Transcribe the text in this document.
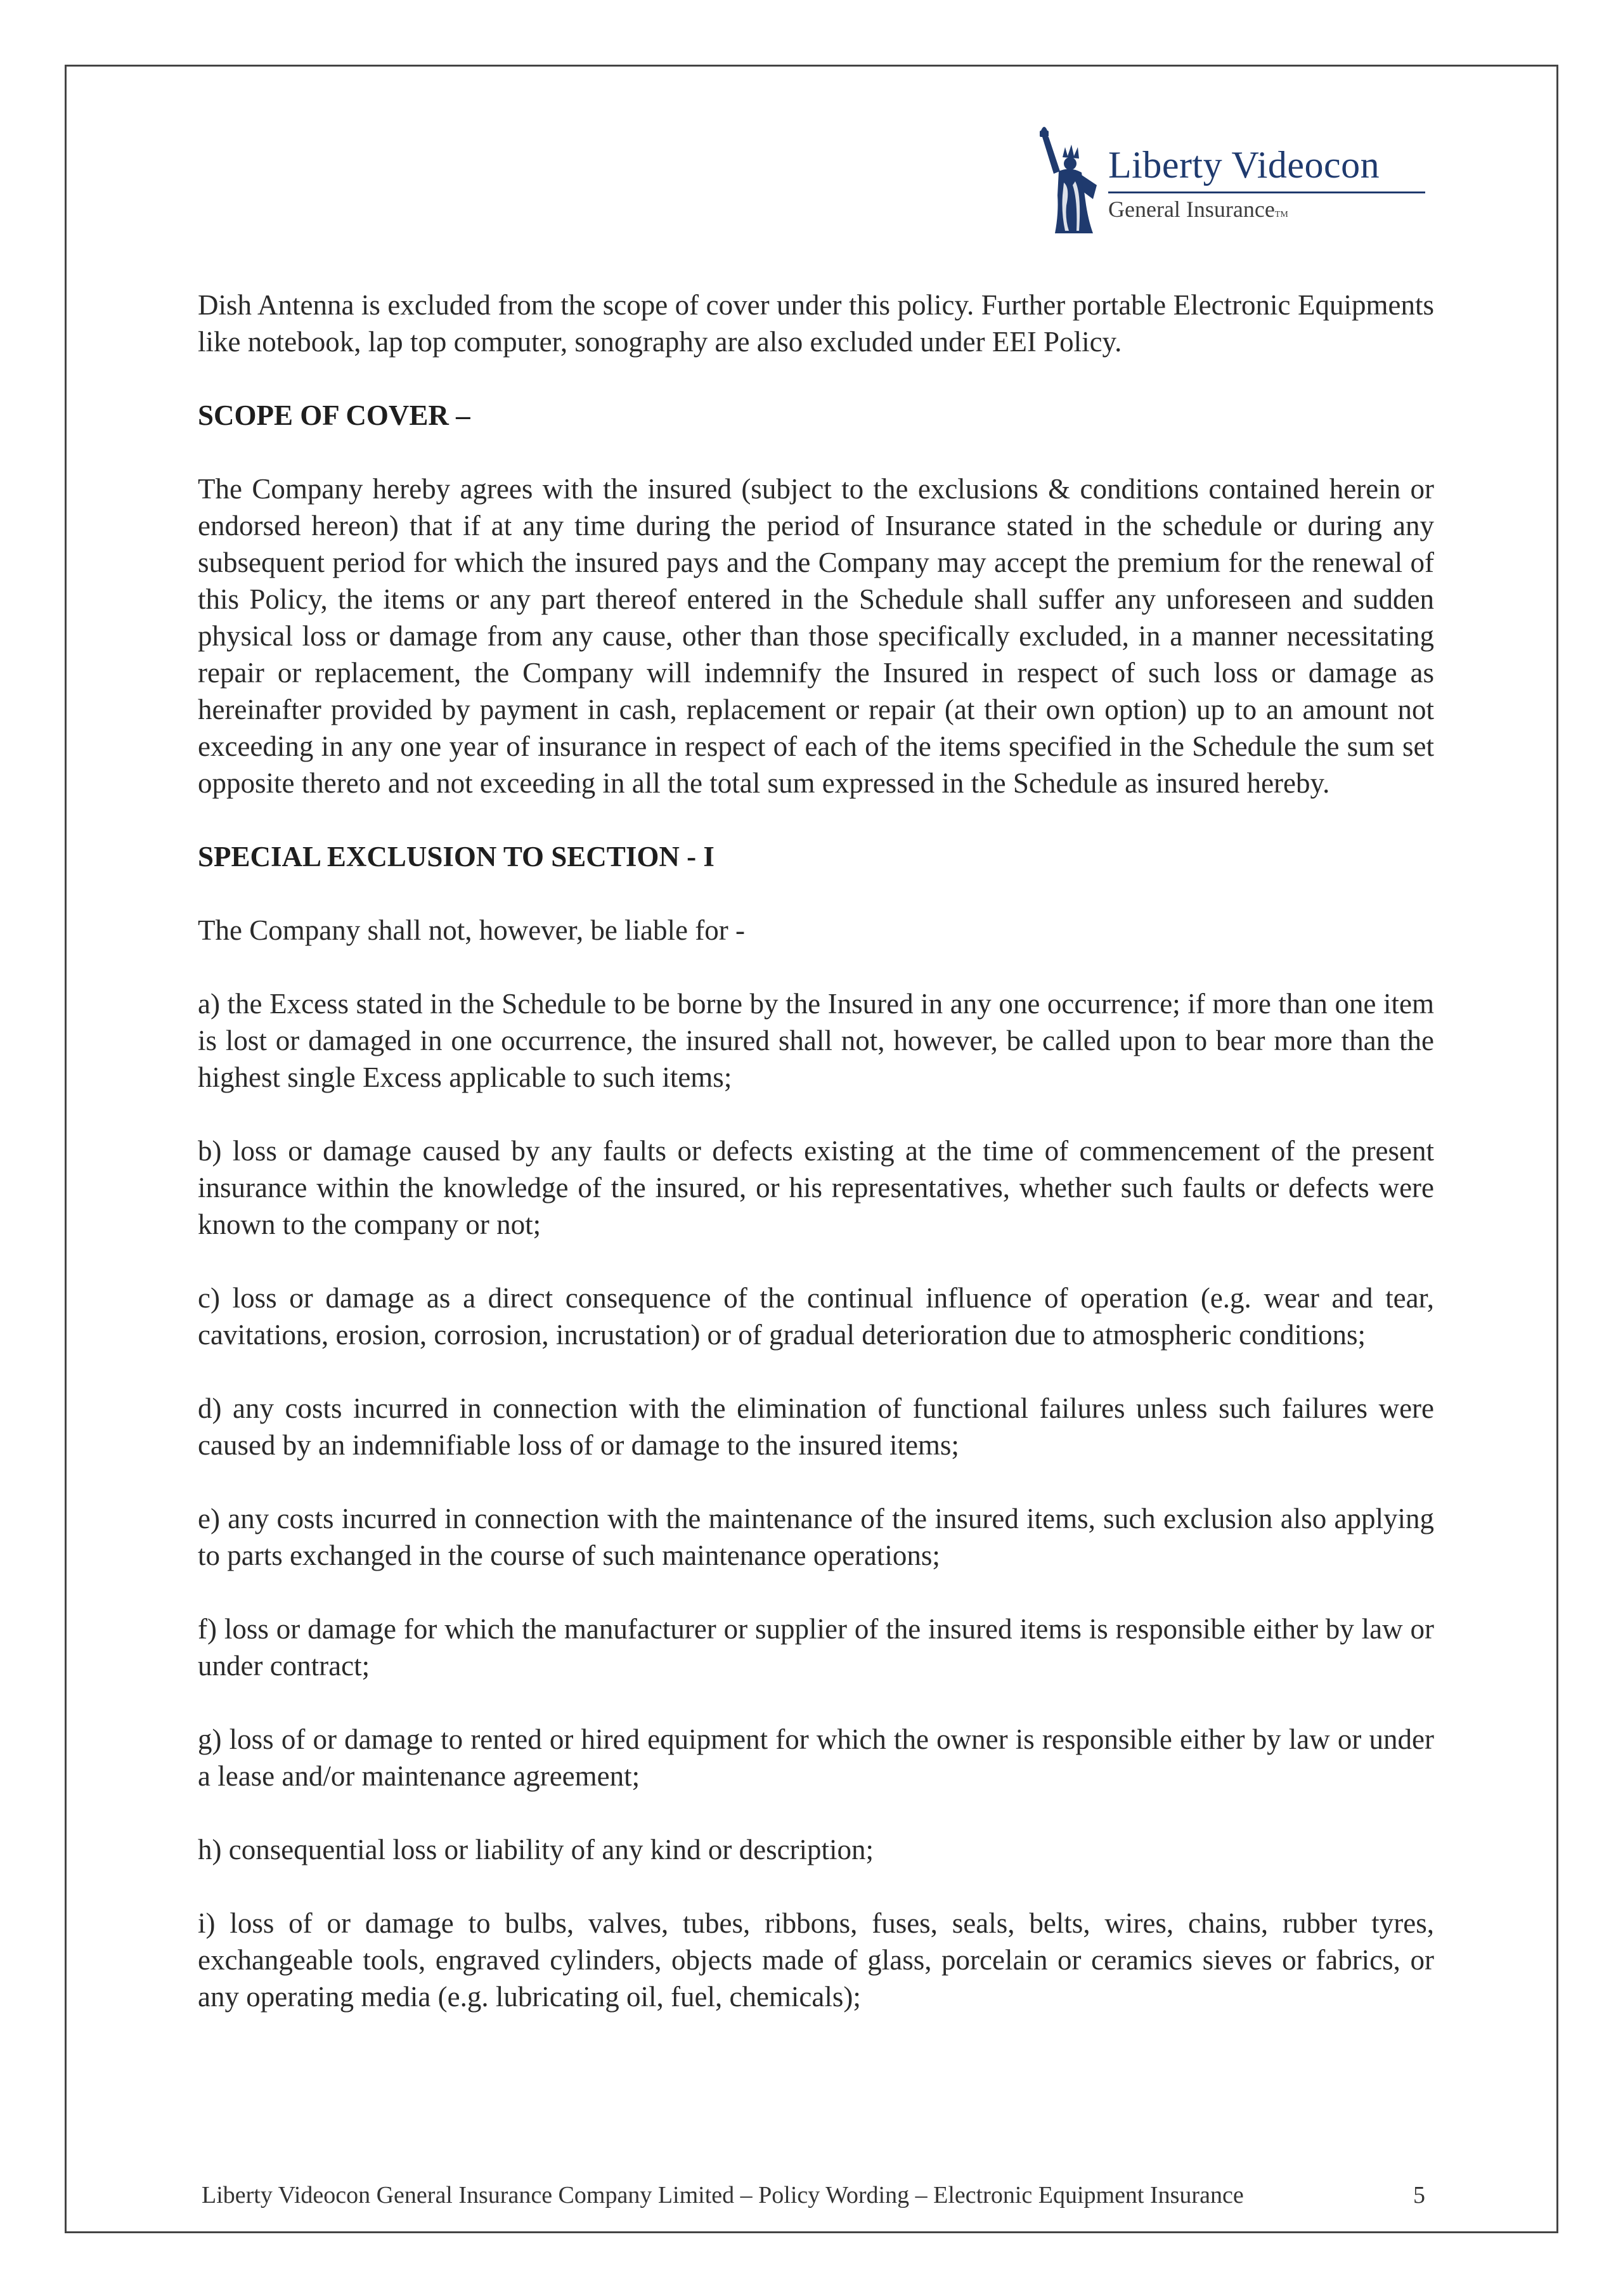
Liberty Videocon
General InsuranceTM

Dish Antenna is excluded from the scope of cover under this policy. Further portable Electronic Equipments like notebook, lap top computer, sonography are also excluded under EEI Policy.

SCOPE OF COVER –

The Company hereby agrees with the insured (subject to the exclusions & conditions contained herein or endorsed hereon) that if at any time during the period of Insurance stated in the schedule or during any subsequent period for which the insured pays and the Company may accept the premium for the renewal of this Policy, the items or any part thereof entered in the Schedule shall suffer any unforeseen and sudden physical loss or damage from any cause, other than those specifically excluded, in a manner necessitating repair or replacement, the Company will indemnify the Insured in respect of such loss or damage as hereinafter provided by payment in cash, replacement or repair (at their own option) up to an amount not exceeding in any one year of insurance in respect of each of the items specified in the Schedule the sum set opposite thereto and not exceeding in all the total sum expressed in the Schedule as insured hereby.

SPECIAL EXCLUSION TO SECTION - I

The Company shall not, however, be liable for -

a) the Excess stated in the Schedule to be borne by the Insured in any one occurrence; if more than one item is lost or damaged in one occurrence, the insured shall not, however, be called upon to bear more than the highest single Excess applicable to such items;

b) loss or damage caused by any faults or defects existing at the time of commencement of the present insurance within the knowledge of the insured, or his representatives, whether such faults or defects were known to the company or not;

c) loss or damage as a direct consequence of the continual influence of operation (e.g. wear and tear, cavitations, erosion, corrosion, incrustation) or of gradual deterioration due to atmospheric conditions;

d) any costs incurred in connection with the elimination of functional failures unless such failures were caused by an indemnifiable loss of or damage to the insured items;

e) any costs incurred in connection with the maintenance of the insured items, such exclusion also applying to parts exchanged in the course of such maintenance operations;

f) loss or damage for which the manufacturer or supplier of the insured items is responsible either by law or under contract;

g) loss of or damage to rented or hired equipment for which the owner is responsible either by law or under a lease and/or maintenance agreement;

h) consequential loss or liability of any kind or description;

i) loss of or damage to bulbs, valves, tubes, ribbons, fuses, seals, belts, wires, chains, rubber tyres, exchangeable tools, engraved cylinders, objects made of glass, porcelain or ceramics sieves or fabrics, or any operating media (e.g. lubricating oil, fuel, chemicals);

Liberty Videocon General Insurance Company Limited – Policy Wording – Electronic Equipment Insurance	5
